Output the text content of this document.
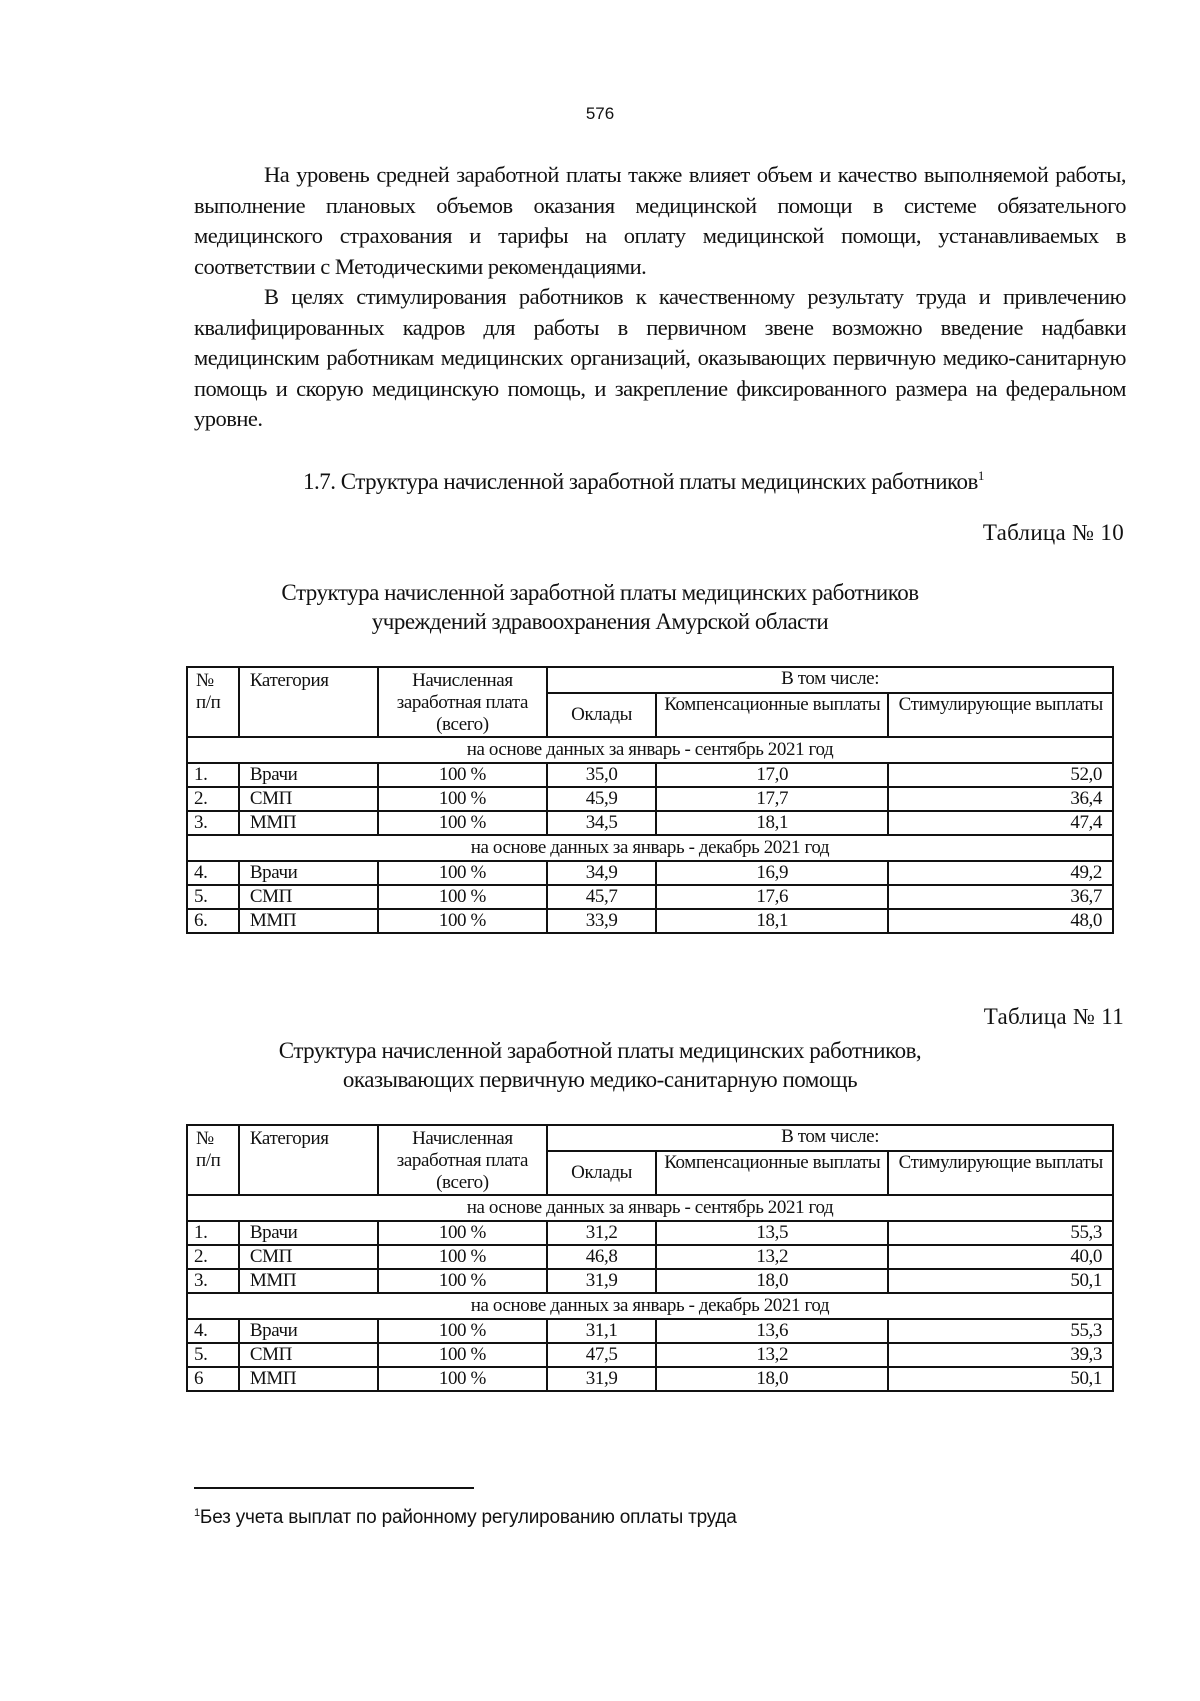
576

На уровень средней заработной платы также влияет объем и качество выполняемой работы, выполнение плановых объемов оказания медицинской помощи в системе обязательного медицинского страхования и тарифы на оплату медицинской помощи, устанавливаемых в соответствии с Методическими рекомендациями.

В целях стимулирования работников к качественному результату труда и привлечению квалифицированных кадров для работы в первичном звене возможно введение надбавки медицинским работникам медицинских организаций, оказывающих первичную медико-санитарную помощь и скорую медицинскую помощь, и закрепление фиксированного размера на федеральном уровне.

1.7. Структура начисленной заработной платы медицинских работников$^1$
Таблица № 10
Структура начисленной заработной платы медицинских работников
учреждений здравоохранения Амурской области
№
п/п	Категория	Начисленная заработная плата (всего)	В том числе:		
			Оклады	Компенсационные выплаты	Стимулирующие выплаты
на основе данных за январь - сентябрь 2021 год					
1.	Врачи	100 %	35,0	17,0	52,0
2.	СМП	100 %	45,9	17,7	36,4
3.	ММП	100 %	34,5	18,1	47,4
на основе данных за январь - декабрь 2021 год					
4.	Врачи	100 %	34,9	16,9	49,2
5.	СМП	100 %	45,7	17,6	36,7
6.	ММП	100 %	33,9	18,1	48,0
Таблица № 11
Структура начисленной заработной платы медицинских работников,
оказывающих первичную медико-санитарную помощь
№
п/п	Категория	Начисленная заработная плата (всего)	В том числе:		
			Оклады	Компенсационные выплаты	Стимулирующие выплаты
на основе данных за январь - сентябрь 2021 год					
1.	Врачи	100 %	31,2	13,5	55,3
2.	СМП	100 %	46,8	13,2	40,0
3.	ММП	100 %	31,9	18,0	50,1
на основе данных за январь - декабрь 2021 год					
4.	Врачи	100 %	31,1	13,6	55,3
5.	СМП	100 %	47,5	13,2	39,3
6	ММП	100 %	31,9	18,0	50,1
$^1$Без учета выплат по районному регулированию оплаты труда
